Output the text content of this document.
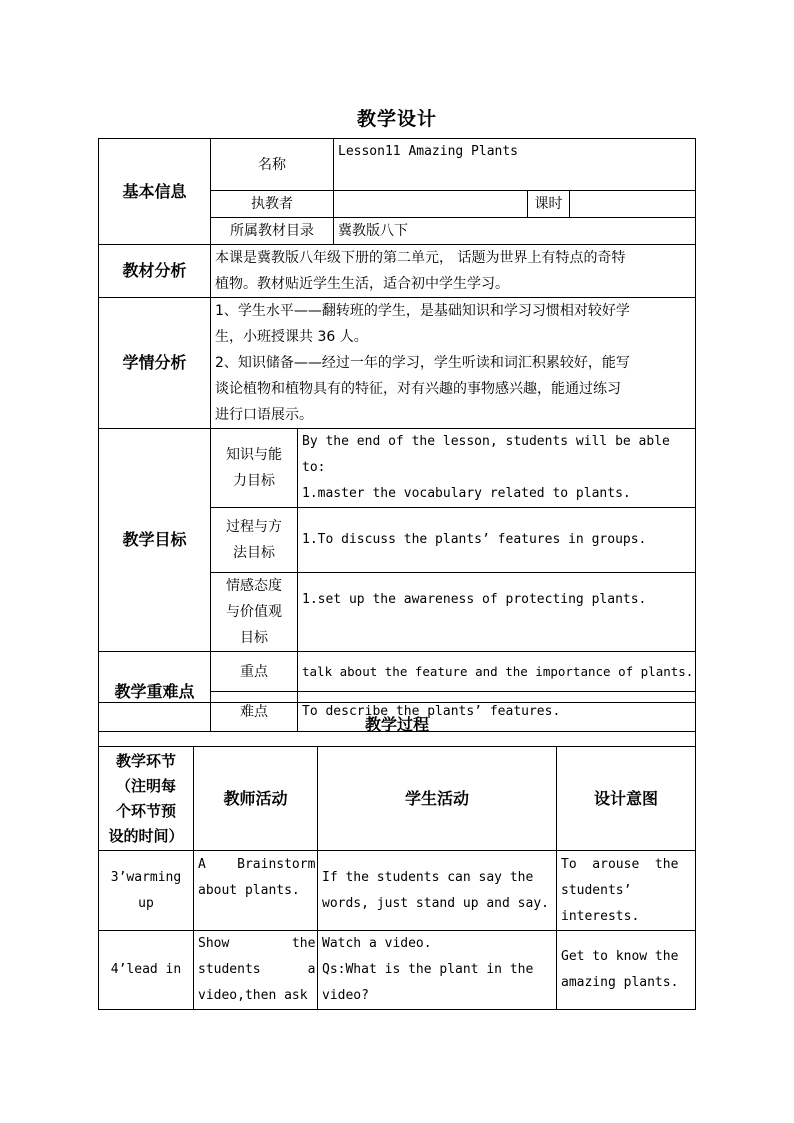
教学设计
基本信息	名称		Lesson11 Amazing Plants		
	执教者			课时	
	所属教材目录		冀教版八下		
教材分析	本课是冀教版八年级下册的第二单元， 话题为世界上有特点的奇特
植物。教材贴近学生生活，适合初中学生学习。				

学情分析	1、学生水平——翻转班的学生，是基础知识和学习习惯相对较好学
生，小班授课共 36 人。
2、知识储备——经过一年的学习，学生听读和词汇积累较好，能写
谈论植物和植物具有的特征，对有兴趣的事物感兴趣，能通过练习
进行口语展示。				

教学目标	知识与能
力目标	By the end of the lesson, students will be able to:
1.master the vocabulary related to plants.			

	过程与方
法目标	1.To discuss the plants’ features in groups.			

	情感态度
与价值观
目标	1.set up the awareness of protecting plants.			
教学重难点	重点	talk about the feature and the importance of plants.			
	难点	To describe the plants’ features.			
教学过程			

教学环节
（注明每
个环节预
设的时间）	教师活动	学生活动	设计意图

3’warming
up	A    Brainstorm
about plants.	If the students can say the
words, just stand up and say.	To  arouse  the
students’
interests.

4’lead in	Show        the
students      a
video,then ask	Watch a video.
Qs:What is the plant in the
video?	Get to know the
amazing plants.
